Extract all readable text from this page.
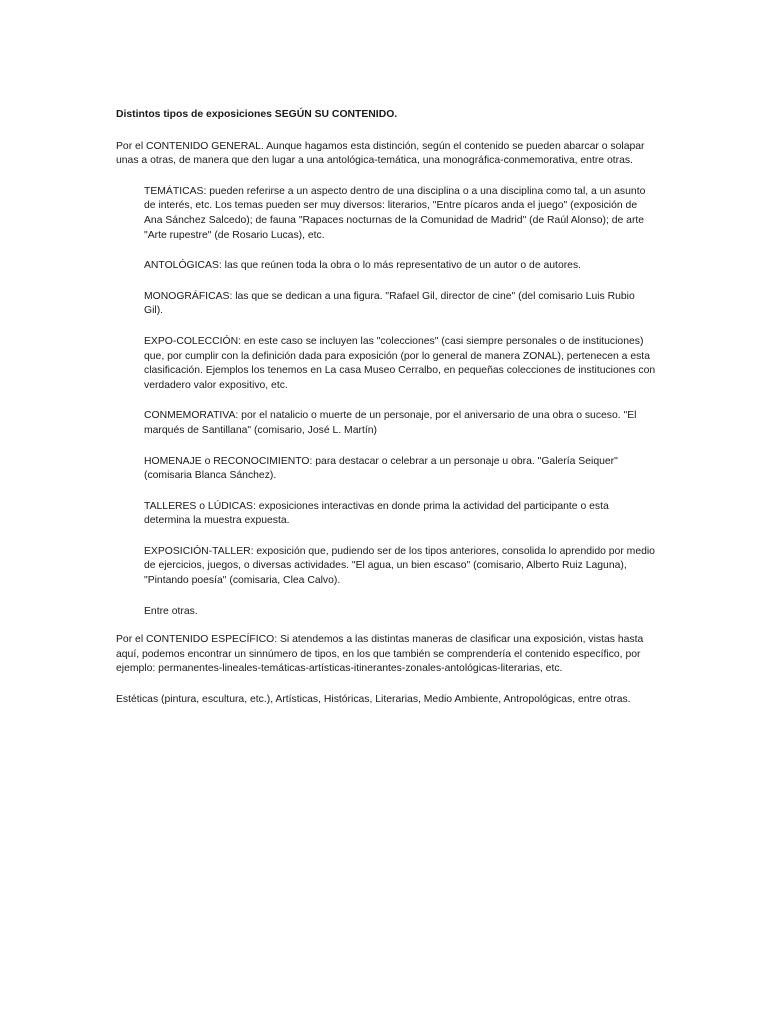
Distintos tipos de exposiciones SEGÚN SU CONTENIDO.

Por el CONTENIDO GENERAL. Aunque hagamos esta distinción, según el contenido se pueden abarcar o solapar unas a otras, de manera que den lugar a una antológica-temática, una monográfica-conmemorativa, entre otras.

TEMÁTICAS: pueden referirse a un aspecto dentro de una disciplina o a una disciplina como tal, a un asunto de interés, etc. Los temas pueden ser muy diversos: literarios, "Entre pícaros anda el juego" (exposición de Ana Sánchez Salcedo); de fauna "Rapaces nocturnas de la Comunidad de Madrid" (de Raúl Alonso); de arte "Arte rupestre" (de Rosario Lucas), etc.

ANTOLÓGICAS: las que reúnen toda la obra o lo más representativo de un autor o de autores.

MONOGRÁFICAS: las que se dedican a una figura. "Rafael Gil, director de cine" (del comisario Luis Rubio Gil).

EXPO-COLECCIÓN: en este caso se incluyen las "colecciones" (casi siempre personales o de instituciones) que, por cumplir con la definición dada para exposición (por lo general de manera ZONAL), pertenecen a esta clasificación. Ejemplos los tenemos en La casa Museo Cerralbo, en pequeñas colecciones de instituciones con verdadero valor expositivo, etc.

CONMEMORATIVA: por el natalicio o muerte de un personaje, por el aniversario de una obra o suceso. "El marqués de Santillana" (comisario, José L. Martín)

HOMENAJE o RECONOCIMIENTO: para destacar o celebrar a un personaje u obra. "Galería Seiquer" (comisaria Blanca Sánchez).

TALLERES o LÚDICAS: exposiciones interactivas en donde prima la actividad del participante o esta determina la muestra expuesta.

EXPOSICIÓN-TALLER: exposición que, pudiendo ser de los tipos anteriores, consolida lo aprendido por medio de ejercicios, juegos, o diversas actividades. "El agua, un bien escaso" (comisario, Alberto Ruiz Laguna), "Pintando poesía" (comisaria, Clea Calvo).

Entre otras.

Por el CONTENIDO ESPECÍFICO: Si atendemos a las distintas maneras de clasificar una exposición, vistas hasta aquí, podemos encontrar un sinnúmero de tipos, en los que también se comprendería el contenido específico, por ejemplo: permanentes-lineales-temáticas-artísticas-itinerantes-zonales-antológicas-literarias, etc.

Estéticas (pintura, escultura, etc.), Artísticas, Históricas, Literarias, Medio Ambiente, Antropológicas, entre otras.
